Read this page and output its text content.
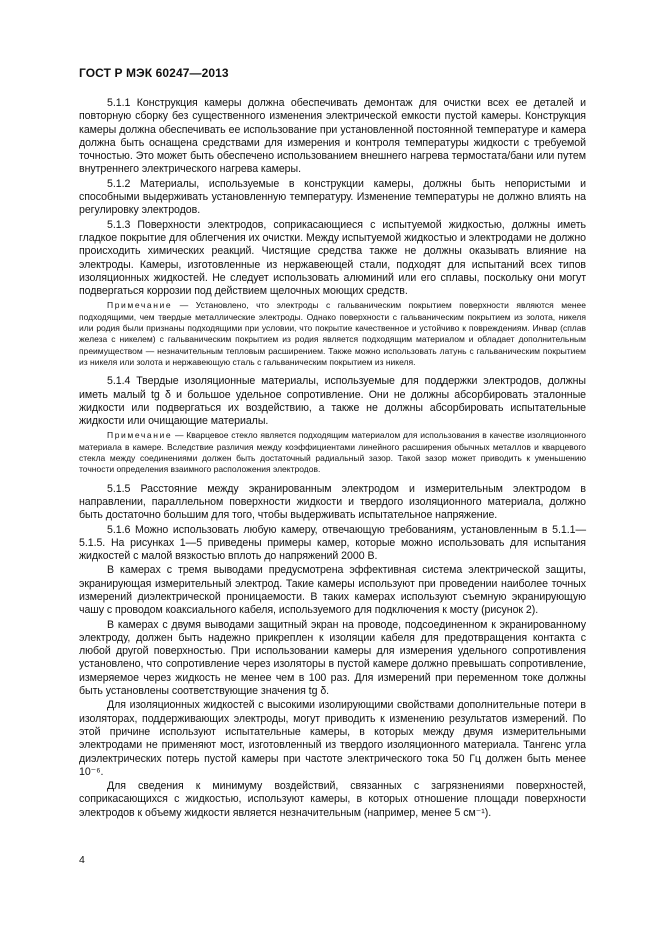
ГОСТ Р МЭК 60247—2013

5.1.1 Конструкция камеры должна обеспечивать демонтаж для очистки всех ее деталей и повторную сборку без существенного изменения электрической емкости пустой камеры. Конструкция камеры должна обеспечивать ее использование при установленной постоянной температуре и камера должна быть оснащена средствами для измерения и контроля температуры жидкости с требуемой точностью. Это может быть обеспечено использованием внешнего нагрева термостата/бани или путем внутреннего электрического нагрева камеры.

5.1.2 Материалы, используемые в конструкции камеры, должны быть непористыми и способными выдерживать установленную температуру. Изменение температуры не должно влиять на регулировку электродов.

5.1.3 Поверхности электродов, соприкасающиеся с испытуемой жидкостью, должны иметь гладкое покрытие для облегчения их очистки. Между испытуемой жидкостью и электродами не должно происходить химических реакций. Чистящие средства также не должны оказывать влияние на электроды. Камеры, изготовленные из нержавеющей стали, подходят для испытаний всех типов изоляционных жидкостей. Не следует использовать алюминий или его сплавы, поскольку они могут подвергаться коррозии под действием щелочных моющих средств.

Примечание — Установлено, что электроды с гальваническим покрытием поверхности являются менее подходящими, чем твердые металлические электроды. Однако поверхности с гальваническим покрытием из золота, никеля или родия были признаны подходящими при условии, что покрытие качественное и устойчиво к повреждениям. Инвар (сплав железа с никелем) с гальваническим покрытием из родия является подходящим материалом и обладает дополнительным преимуществом — незначительным тепловым расширением. Также можно использовать латунь с гальваническим покрытием из никеля или золота и нержавеющую сталь с гальваническим покрытием из никеля.

5.1.4 Твердые изоляционные материалы, используемые для поддержки электродов, должны иметь малый tg δ и большое удельное сопротивление. Они не должны абсорбировать эталонные жидкости или подвергаться их воздействию, а также не должны абсорбировать испытательные жидкости или очищающие материалы.

Примечание — Кварцевое стекло является подходящим материалом для использования в качестве изоляционного материала в камере. Вследствие различия между коэффициентами линейного расширения обычных металлов и кварцевого стекла между соединениями должен быть достаточный радиальный зазор. Такой зазор может приводить к уменьшению точности определения взаимного расположения электродов.

5.1.5 Расстояние между экранированным электродом и измерительным электродом в направлении, параллельном поверхности жидкости и твердого изоляционного материала, должно быть достаточно большим для того, чтобы выдерживать испытательное напряжение.

5.1.6 Можно использовать любую камеру, отвечающую требованиям, установленным в 5.1.1—5.1.5. На рисунках 1—5 приведены примеры камер, которые можно использовать для испытания жидкостей с малой вязкостью вплоть до напряжений 2000 В.

В камерах с тремя выводами предусмотрена эффективная система электрической защиты, экранирующая измерительный электрод. Такие камеры используют при проведении наиболее точных измерений диэлектрической проницаемости. В таких камерах используют съемную экранирующую чашу с проводом коаксиального кабеля, используемого для подключения к мосту (рисунок 2).

В камерах с двумя выводами защитный экран на проводе, подсоединенном к экранированному электроду, должен быть надежно прикреплен к изоляции кабеля для предотвращения контакта с любой другой поверхностью. При использовании камеры для измерения удельного сопротивления установлено, что сопротивление через изоляторы в пустой камере должно превышать сопротивление, измеряемое через жидкость не менее чем в 100 раз. Для измерений при переменном токе должны быть установлены соответствующие значения tg δ.

Для изоляционных жидкостей с высокими изолирующими свойствами дополнительные потери в изоляторах, поддерживающих электроды, могут приводить к изменению результатов измерений. По этой причине используют испытательные камеры, в которых между двумя измерительными электродами не применяют мост, изготовленный из твердого изоляционного материала. Тангенс угла диэлектрических потерь пустой камеры при частоте электрического тока 50 Гц должен быть менее 10⁻⁶.

Для сведения к минимуму воздействий, связанных с загрязнениями поверхностей, соприкасающихся с жидкостью, используют камеры, в которых отношение площади поверхности электродов к объему жидкости является незначительным (например, менее 5 см⁻¹).

4
